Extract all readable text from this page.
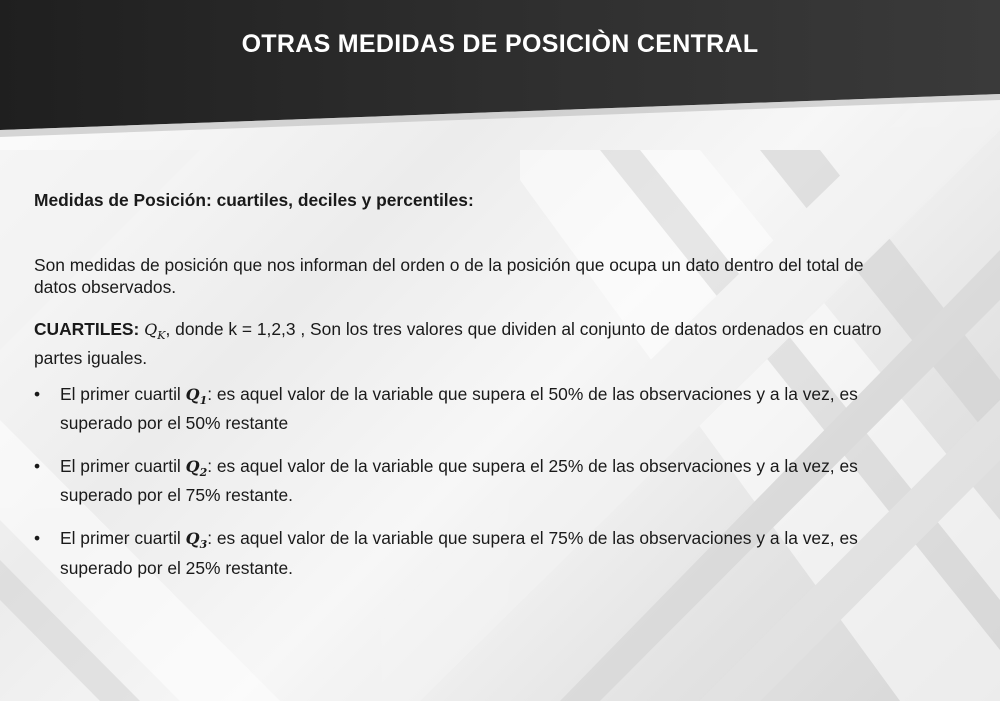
OTRAS MEDIDAS DE POSICIÒN CENTRAL

Medidas de Posición: cuartiles, deciles y percentiles:

Son medidas de posición que nos informan del orden o de la posición que ocupa un dato dentro del total de datos observados.

CUARTILES: $Q_K$, donde k = 1,2,3 , Son los tres valores que dividen al conjunto de datos ordenados en cuatro partes iguales.

• El primer cuartil $Q_1$: es aquel valor de la variable que supera el 50% de las observaciones y a la vez, es superado por el 50% restante
• El primer cuartil $Q_2$: es aquel valor de la variable que supera el 25% de las observaciones y a la vez, es superado por el 75% restante.
• El primer cuartil $Q_3$: es aquel valor de la variable que supera el 75% de las observaciones y a la vez, es superado por el 25% restante.
